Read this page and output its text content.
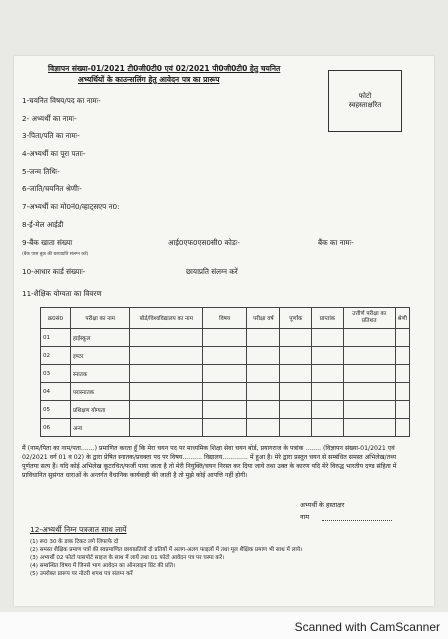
विज्ञापन संख्या-01/2021 टी0जी0टी0 एवं 02/2021 पी0जी0टी0 हेतु चयनित
अभ्यर्थियों के काउन्सलिंग हेतु आवेदन पत्र का प्रारूप
फोटो
स्वहस्ताक्षरित
1-चयनित विषय/पद का नामः-
2- अभ्यर्थी का नामः-
3-पिता/पति का नामः-
4-अभ्यर्थी का पूरा पताः-
5-जन्म तिथिः-
6-जाति/चयनित श्रेणीः-
7-अभ्यर्थी का मो0नं0/व्हाट्सएप न0:
8-ई-मेल आईडी
9-बैंक खाता संख्या	आई0एफ0एस0सी0 कोडः-	बैंक का नामः-
(बैंक पास बुक की छायाप्रति संलग्न करें)
10-आधार कार्ड संख्याः-	छायाप्रति संलग्न करें
11-शैक्षिक योग्यता का विवरण
क्र0सं0	परीक्षा का नाम	बोर्ड/विश्वविद्यालय का नाम	विषय	परीक्षा वर्ष	पूर्णांक	प्राप्तांक	उत्तीर्ण परीक्षा का प्रतिशत	श्रेणी
01	हाईस्कूल							
02	इण्टर							
03	स्नातक							
04	परास्नातक							
05	प्रशिक्षण योग्यता							
06	अन्य							
मैं (नाम/पिता का नाम/पता.......) प्रमाणित करता हूँ कि मेरा चयन पद पर माध्यमिक शिक्षा सेवा चयन बोर्ड, प्रयागराज के पत्रांक ........ (विज्ञापन संख्या-01/2021 एवं 02/2021 वर्ग 01 व 02) के द्वारा प्रेषित स्नातक/प्रवक्ता पद पर विषय.......... विद्यालय............. में हुआ है। मेरे द्वारा प्रस्तुत चयन से सम्बंधित समस्त अभिलेख/तथ्य पूर्णतया सत्य हैं। यदि कोई अभिलेख कूटरचित/फर्जी पाया जाता है तो मेरी नियुक्ति/चयन निरस्त कर दिया जाये तथा उक्त के कारण यदि मेरे विरुद्ध भारतीय दण्ड संहिता में प्राविधानित सुसंगत धाराओं के अन्तर्गत वैधानिक कार्यवाही की जाती है तो मुझे कोई आपत्ति नहीं होगी।
अभ्यर्थी के हस्ताक्षर
नाम
12-अभ्यर्थी निम्न पत्रजात साथ लायें
(1) रू0 30 के डाक टिकट लगे लिफाफे दो
(2) समस्त शैक्षिक प्रमाण पत्रों की स्वप्रमाणित छायाप्रतियों दो प्रतियों में अलग-अलग फाइलों में तथा मूल शैक्षिक प्रमाण भी साथ में लाये।
(3) अभ्यर्थी 02 फोटो पासपोर्ट साइज के साथ में लायें तथा 01 फोटो आवेदन पत्र पर चस्पा करें।
(4) सम्बन्धित विषय में जिनसे भाग आवेदन का ऑनलाइन प्रिंट की प्रति।
(5) उपरोक्त प्रारूप पर नोटरी शपथ पत्र संलग्न करें
Scanned with CamScanner
